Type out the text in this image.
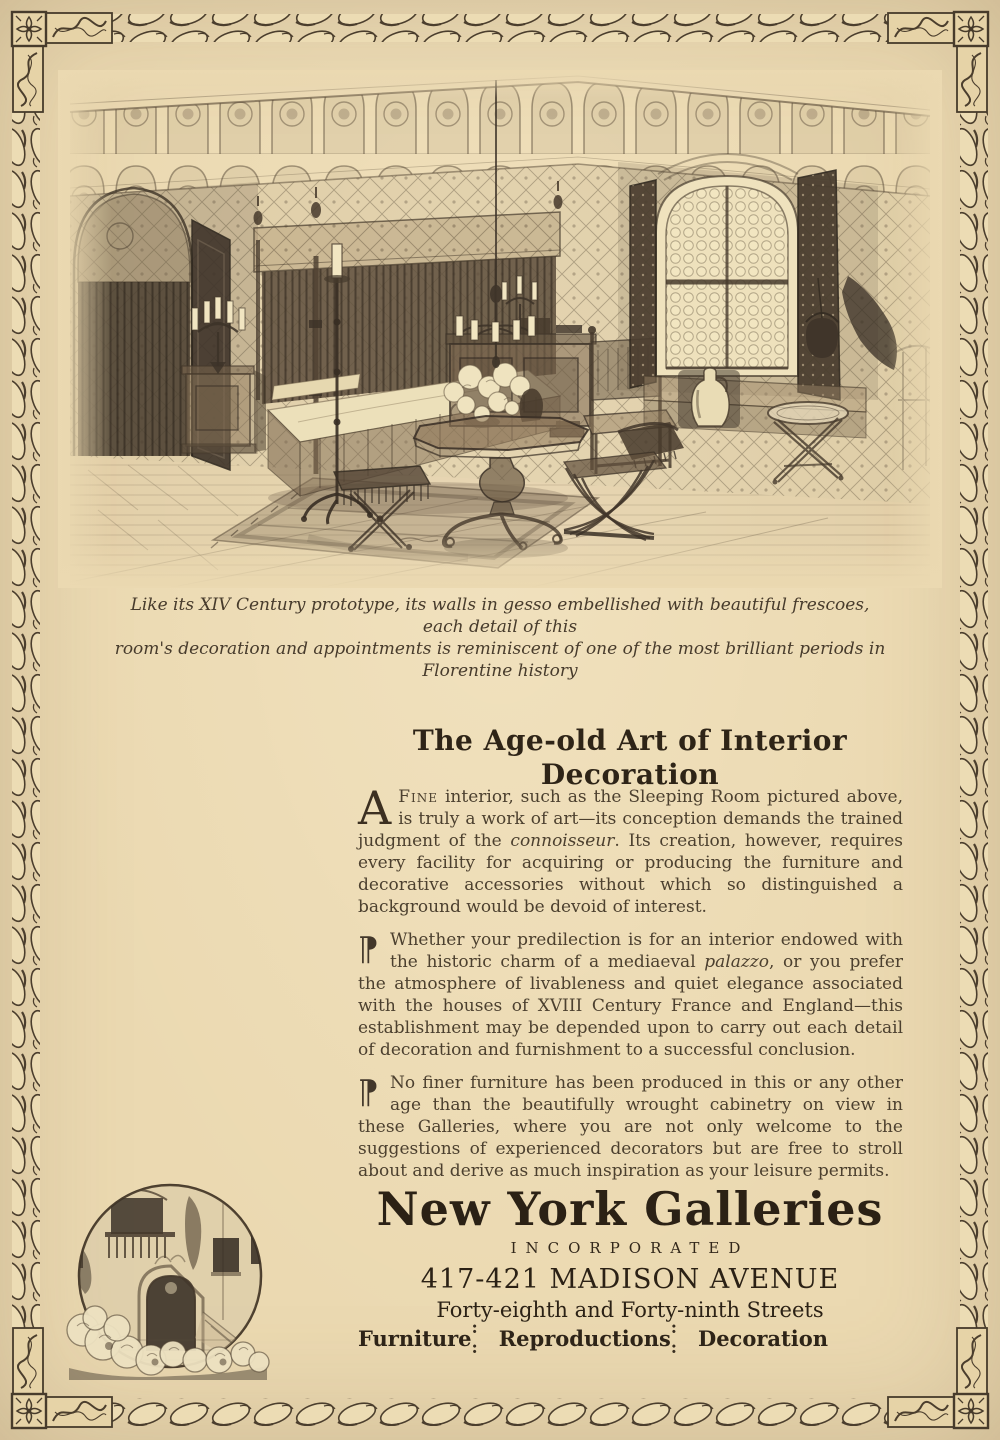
Like its XIV Century prototype, its walls in gesso embellished with beautiful frescoes, each detail of this
room's decoration and appointments is reminiscent of one of the most brilliant periods in Florentine history
The Age-old Art of Interior Decoration

A Fine interior, such as the Sleeping Room pictured above, is truly a work of art—its conception demands the trained judgment of the connoisseur. Its creation, however, requires every facility for acquiring or producing the furniture and decorative accessories without which so distinguished a background would be devoid of interest.

¶ Whether your predilection is for an interior endowed with the historic charm of a mediaeval palazzo, or you prefer the atmosphere of livableness and quiet elegance associated with the houses of XVIII Century France and England—this establishment may be depended upon to carry out each detail of decoration and furnishment to a successful conclusion.

¶ No finer furniture has been produced in this or any other age than the beautifully wrought cabinetry on view in these Galleries, where you are not only welcome to the suggestions of experienced decorators but are free to stroll about and derive as much inspiration as your leisure permits.

New York Galleries
INCORPORATED
417-421 MADISON AVENUE
Forty-eighth and Forty-ninth Streets
Furniture : : Reproductions : : Decoration
